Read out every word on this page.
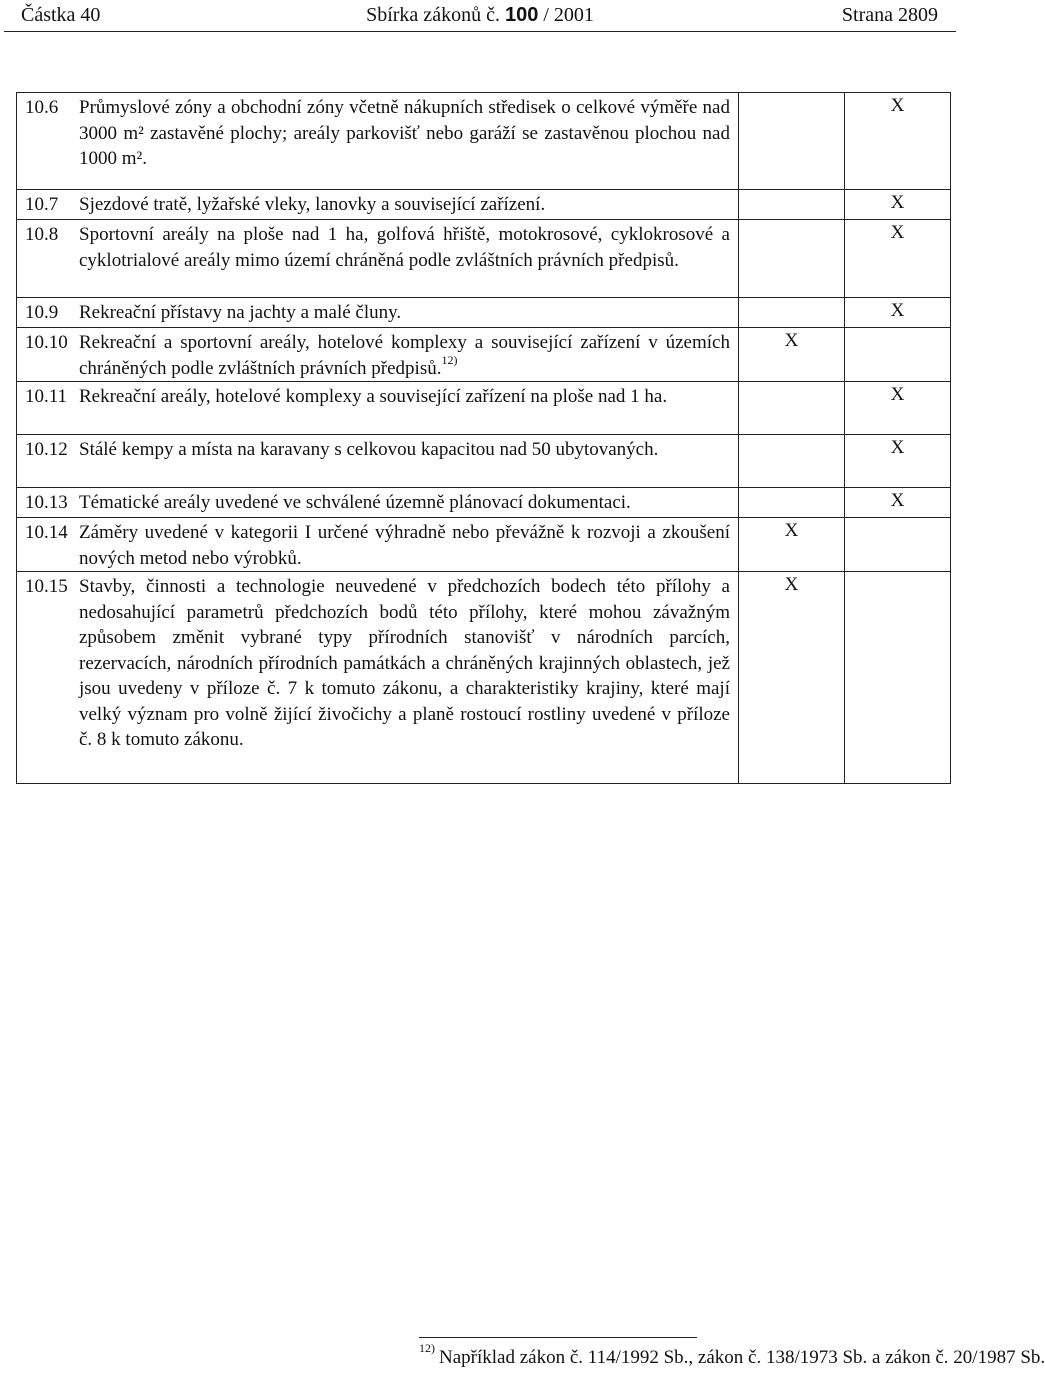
Částka 40	Sbírka zákonů č. 100 / 2001	Strana 2809
10.6 Průmyslové zóny a obchodní zóny včetně nákupních středisek o celkové výměře nad 3000 m² zastavěné plochy; areály parkovišť nebo garáží se zastavěnou plochou nad 1000 m².		X

10.7 Sjezdové tratě, lyžařské vleky, lanovky a související zařízení.		X

10.8 Sportovní areály na ploše nad 1 ha, golfová hřiště, motokrosové, cyklokrosové a cyklotrialové areály mimo území chráněná podle zvláštních právních předpisů.		X

10.9 Rekreační přístavy na jachty a malé čluny.		X

10.10 Rekreační a sportovní areály, hotelové komplexy a související zařízení v územích chráněných podle zvláštních právních předpisů.$^{12)}$	X	

10.11 Rekreační areály, hotelové komplexy a související zařízení na ploše nad 1 ha.		X

10.12 Stálé kempy a místa na karavany s celkovou kapacitou nad 50 ubytovaných.		X

10.13 Tématické areály uvedené ve schválené územně plánovací dokumentaci.		X

10.14 Záměry uvedené v kategorii I určené výhradně nebo převážně k rozvoji a zkoušení nových metod nebo výrobků.	X	

10.15 Stavby, činnosti a technologie neuvedené v předchozích bodech této přílohy a nedosahující parametrů předchozích bodů této přílohy, které mohou závažným způsobem změnit vybrané typy přírodních stanovišť v národních parcích, rezervacích, národních přírodních památkách a chráněných krajinných oblastech, jež jsou uvedeny v příloze č. 7 k tomuto zákonu, a charakteristiky krajiny, které mají velký význam pro volně žijící živočichy a planě rostoucí rostliny uvedené v příloze č. 8 k tomuto zákonu.	X	
$^{12)}$ Například zákon č. 114/1992 Sb., zákon č. 138/1973 Sb. a zákon č. 20/1987 Sb.
